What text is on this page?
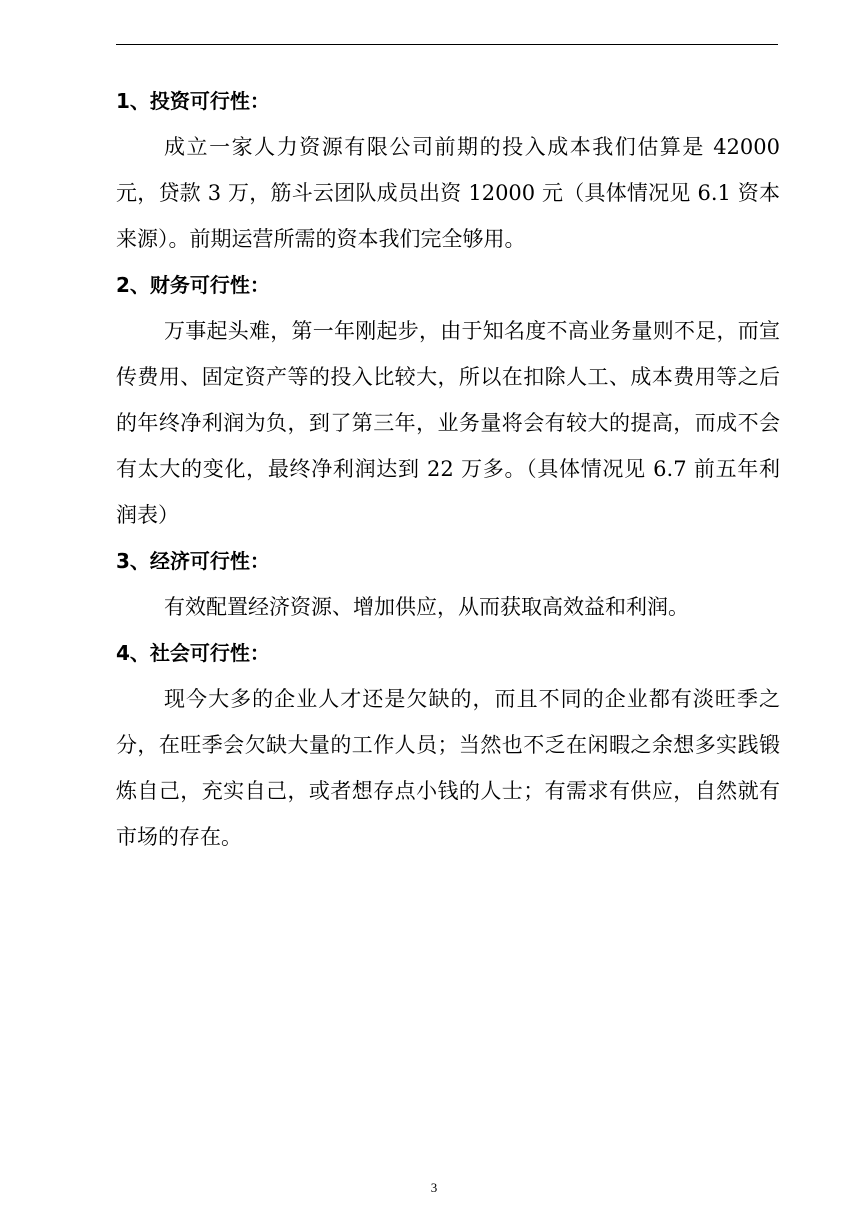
1、投资可行性：

成立一家人力资源有限公司前期的投入成本我们估算是 42000元，贷款 3 万，筋斗云团队成员出资 12000 元（具体情况见 6.1 资本来源）。前期运营所需的资本我们完全够用。

2、财务可行性：

万事起头难，第一年刚起步，由于知名度不高业务量则不足，而宣传费用、固定资产等的投入比较大，所以在扣除人工、成本费用等之后的年终净利润为负，到了第三年，业务量将会有较大的提高，而成不会有太大的变化，最终净利润达到 22 万多。（具体情况见 6.7 前五年利润表）

3、经济可行性：

有效配置经济资源、增加供应，从而获取高效益和利润。

4、社会可行性：

现今大多的企业人才还是欠缺的，而且不同的企业都有淡旺季之分，在旺季会欠缺大量的工作人员；当然也不乏在闲暇之余想多实践锻炼自己，充实自己，或者想存点小钱的人士；有需求有供应，自然就有市场的存在。

3
